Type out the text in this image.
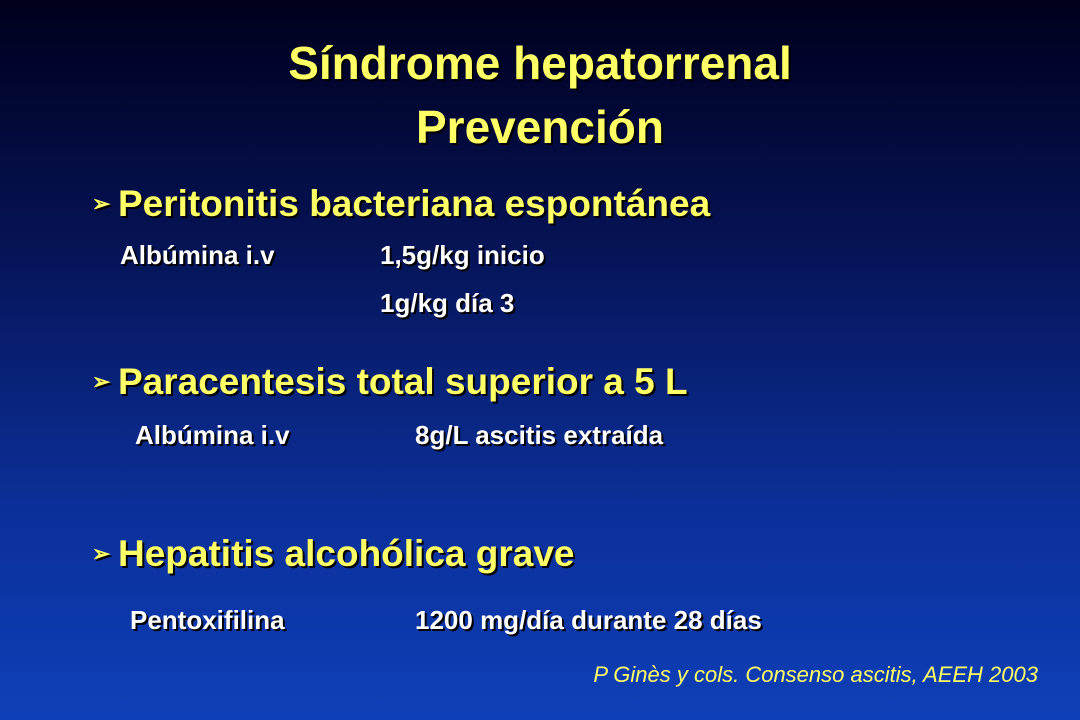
Síndrome hepatorrenal
Prevención
➢ Peritonitis bacteriana espontánea
Albúmina i.v	1,5g/kg inicio
1g/kg día 3
➢ Paracentesis total superior a 5 L
Albúmina i.v	8g/L ascitis extraída
➢ Hepatitis alcohólica grave
Pentoxifilina	1200 mg/día durante 28 días
P Ginès y cols. Consenso ascitis, AEEH 2003
